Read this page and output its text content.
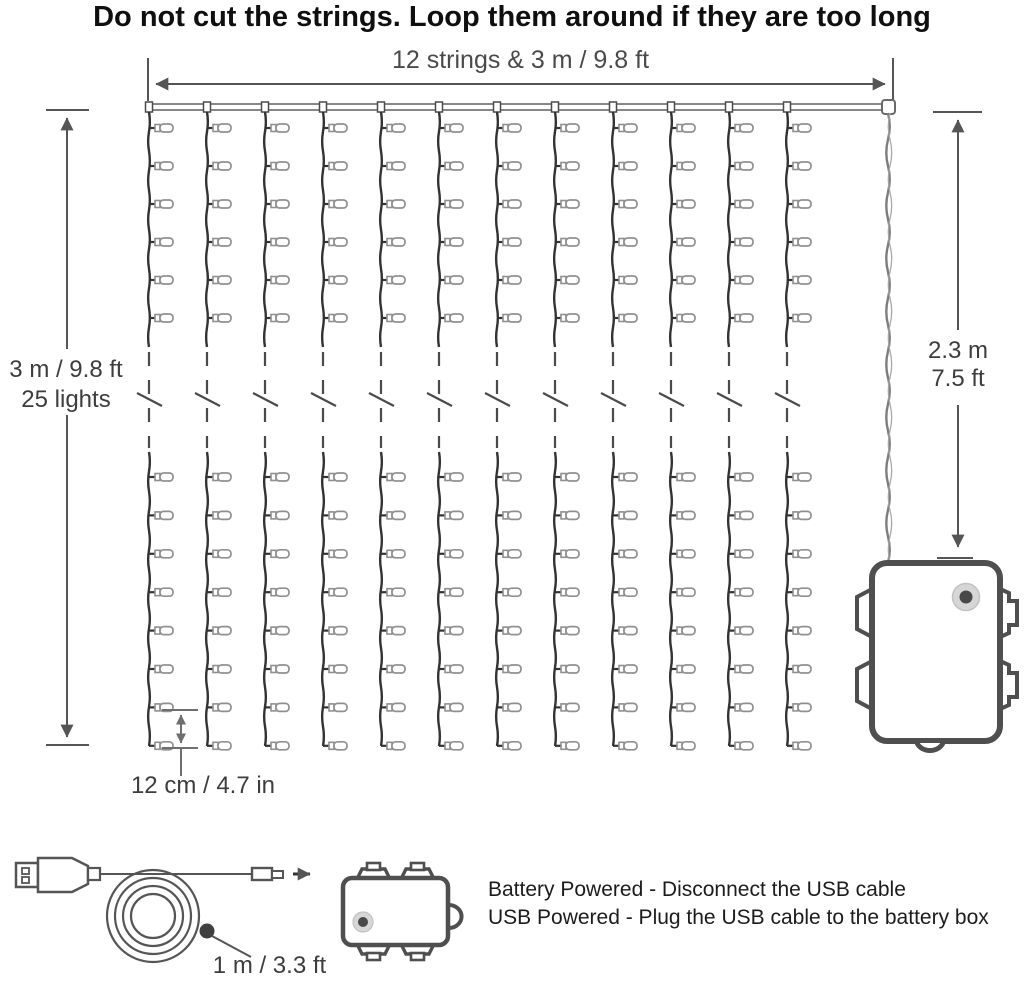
Do not cut the strings. Loop them around if they are too long
12 strings & 3 m / 9.8 ft
3 m / 9.8 ft
25 lights
2.3 m
7.5 ft
12 cm / 4.7 in
1 m / 3.3 ft
Battery Powered - Disconnect the USB cable
USB Powered - Plug the USB cable to the battery box
